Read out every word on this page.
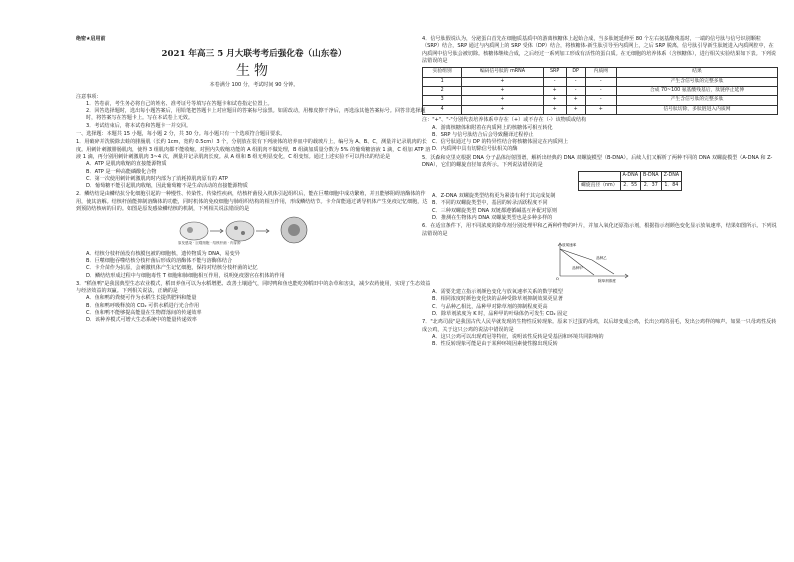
绝密★启用前
2021 年高三 5 月大联考考后强化卷（山东卷）
生物
本卷满分 100 分，考试时间 90 分钟。
注意事项：
1．答卷前，考生务必将自己的姓名、准考证号等填写在答题卡和试卷指定位置上。
2．回答选择题时，选出每小题答案后，用铅笔把答题卡上对应题目的答案标号涂黑。如需改动，用橡皮擦干净后，再选涂其他答案标号。回答非选择题时，将答案写在答题卡上。写在本试卷上无效。
3．考试结束后，将本试卷和答题卡一并交回。
一、选择题：本题共 15 小题，每小题 2 分，共 30 分。每小题只有一个选项符合题目要求。
1．用破碎并洗脱除去蛙的腓肠肌（长约 1cm，宽约 0.5cm）3 个，分别放在装有下列液体的培养皿中的载玻片上，编号为 A、B、C，测量并记录肌肉的长度。用刺针刺激腓肠肌肉，使得 3 组肌肉都不能收缩。对照内失收缩功能的 A 组肌肉不做处理，B 组滴加质量分数为 5% 的葡萄糖溶液 1 滴，C 组加 ATP 溶液 1 滴，再分别用刺针刺激肌肉 3~4 次，测量并记录肌肉长度。从 A 组和 B 组无明显变化，C 组变短。通过上述实验不可以得出的结论是
A．ATP 是肌肉收缩的直接能源物质
B．ATP 是一种高能磷酸化合物
C．第一次使用刺针刺激肌肉时内部为了消耗掉肌肉原有的 ATP
D．葡萄糖不能引起肌肉收缩，因此葡萄糖不是生命活动的直接能源物质
2．鳞结结是由鳞结抗分化细胞引起的一种慢性、传染性、传染性疾病，结核杆菌侵入机体引起组织后，能在巨噬细胞中成功繁殖，并且能够阻碍溶酶体的作用，使其溶解。结核杆菌能抑制溶酶体的功能，同时机体的免疫细胞与肺组织结构的相互作用，形成鳞结结节。卡介苗能通过诱导机体产生免疫记忆细胞，达到预防结核病的目的。如图是原发感染鳞结核的机制，下列相关说法错误的是
原发感染 · 巨噬细胞 · 结核杆菌 · 肉芽肿
A．结核分枝杆菌没有核膜包被的细胞核，遗传物质为 DNA，易变异
B．巨噬细胞吞噬结核分枝杆菌后形成的溶酶体不能与溶酶体结合
C．卡介苗作为抗原，会刺激机体产生记忆细胞，保持对结核分枝杆菌的记忆
D．鳞结结形成过程中与细胞毒性 T 细胞和肺细胞相互作用，说明免疫器官在机体的作用
3．"稻鱼鸭"是我国典型生态农业模式，稻田养鱼可以为水稻增肥、改善土壤通气，同时鸭和鱼也能吃掉稻田中的杂草和害虫，减少农药使用，实现了生态效益与经济效益的双赢。下列相关说法，正确的是
A．鱼和鸭的粪便可作为水稻生长提供肥料和能量
B．鱼和鸭呼吸释放的 CO₂ 可供水稻进行光合作用
C．鱼和鸭不能够提高能量在生物群落间的传递效率
D．该种养模式可增大生态系统中的能量传递效率
4．信号肽假说认为，分泌蛋白首先在细胞质基质中的游离核糖体上起始合成，当多肽链延伸至 80 个左右氨基酸残基时，一端的信号肽与信号识别颗粒（SRP）结合，SRP 通过与内质网上的 SRP 受体（DP）结合，将核糖体-新生肽引导至内质网上，之后 SRP 脱离，信号肽引导新生肽链进入内质网腔中，在内质网中信号肽会被切除。核糖体继续合成，之后经过一系列加工形成有活性的蛋白质。在无细胞的培养体系（含核糖体），进行相关实验结果如下表。下列说法错误的是
实验组别	编码信号肽的 mRNA	SRP	DP	内质网	结果
1	+	-	-	-	产生含信号肽的完整多肽
2	+	+	-	-	合成 70~100 氨基酸残基后，肽链停止延伸
3	+	+	+	-	产生含信号肽的完整多肽
4	+	+	+	+	信号肽切除，多肽链进入内质网
注："+"、"-"分别代表培养体系中存在（+）或不存在（-）该物质或结构
A．游离核糖体和附着在内质网上的核糖体可相互转化
B．SRP 与信号肽结合后会导致翻译过程停止
C．信号肽通过与 DP 的特异性结合将核糖体固定在内质网上
D．内质网中具有切除信号肽相关的酶
5．沃森和克里克根据 DNA 分子晶体衍射图谱，解析出经典的 DNA 双螺旋模型（B-DNA）。后续人们又解析了两种不同的 DNA 双螺旋模型（A-DNA 和 Z-DNA），它们的螺旋直径如表所示。下列说法错误的是
	A-DNA	B-DNA	Z-DNA
螺旋直径（nm）	2．55	2．37	1．84
A．Z-DNA 双螺旋类型结构更为紧凑有利于其完成复制
B．不同的双螺旋类型中，基因的转录活跃程度不同
C．三种双螺旋类型 DNA 双链都遵循碱基互补配对原则
D．推测在生物体内 DNA 双螺旋类型也是多种多样的
6．在适宜条件下，用不同浓度的除草剂分别处理甲和乙两种作物的叶片，并加入氧化还原指示剂，根据指示剂颜色变化显示放氧速率，结果如图所示。下列说法错误的是
放氧速率
O	除草剂浓度
品种乙
品种甲
A．需要先建立指示剂颜色变化与放氧速率关系的数学模型
B．相同浓度时颜色变化快的品种受除草剂抑制效果更显著
C．与品种乙相比，品种甲对除草剂的抑制程度更高
D．除草剂浓度为 K 时，品种甲的叶绿体仍可发生 CO₂ 固定
7．"北鸡司晨"是我国古代人民早就发现的生物性反转现象。原来下过蛋的母鸡，以后却变成公鸡，长出公鸡的羽毛，发出公鸡样的啼声。如果一只母鸡性反转成公鸡，关于这只公鸡的说法中错误的是
A．这只公鸡可以出现鸡冠等特征，说明该性反转是受基因和环境共同影响的
B．性反转现象可能是由于某种环境因素使性腺出现反转
